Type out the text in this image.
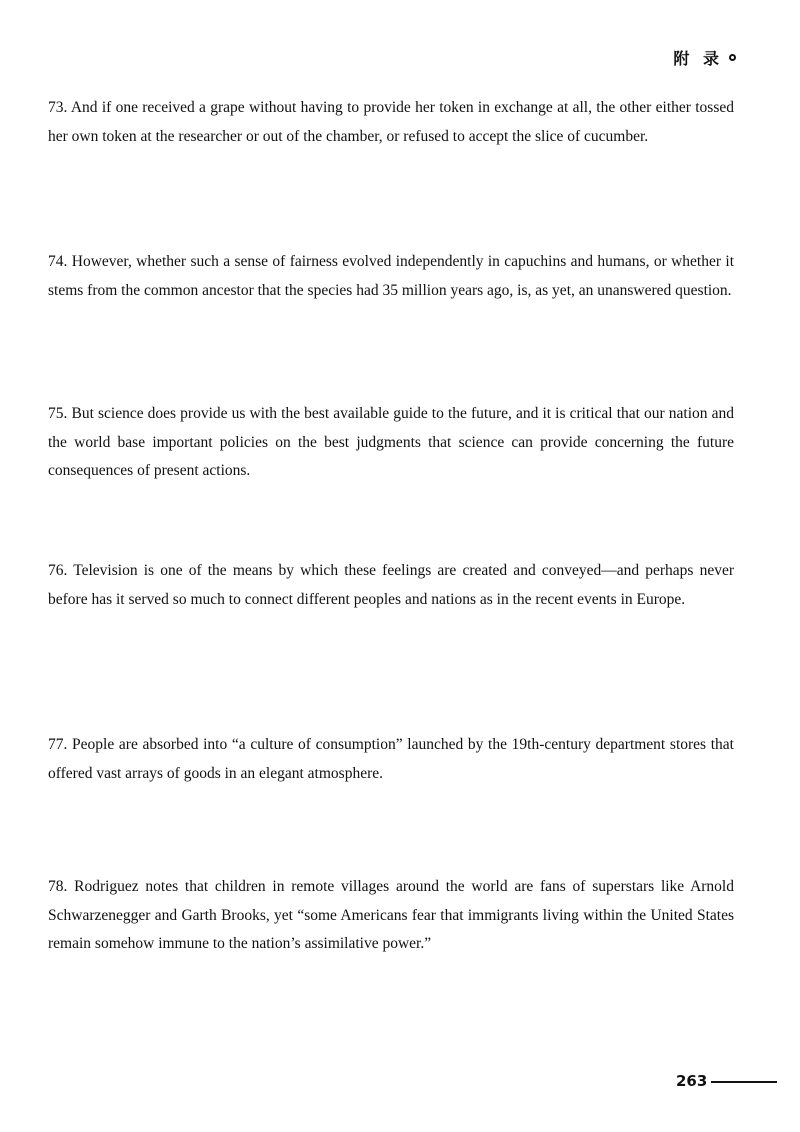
附 录

73. And if one received a grape without having to provide her token in exchange at all, the other either tossed her own token at the researcher or out of the chamber, or refused to accept the slice of cucumber.

74. However, whether such a sense of fairness evolved independently in capuchins and humans, or whether it stems from the common ancestor that the species had 35 million years ago, is, as yet, an unanswered question.

75. But science does provide us with the best available guide to the future, and it is critical that our nation and the world base important policies on the best judgments that science can provide concerning the future consequences of present actions.

76. Television is one of the means by which these feelings are created and conveyed—and perhaps never before has it served so much to connect different peoples and nations as in the recent events in Europe.

77. People are absorbed into “a culture of consumption” launched by the 19th-century department stores that offered vast arrays of goods in an elegant atmosphere.

78. Rodriguez notes that children in remote villages around the world are fans of superstars like Arnold Schwarzenegger and Garth Brooks, yet “some Americans fear that immigrants living within the United States remain somehow immune to the nation’s assimilative power.”

263
